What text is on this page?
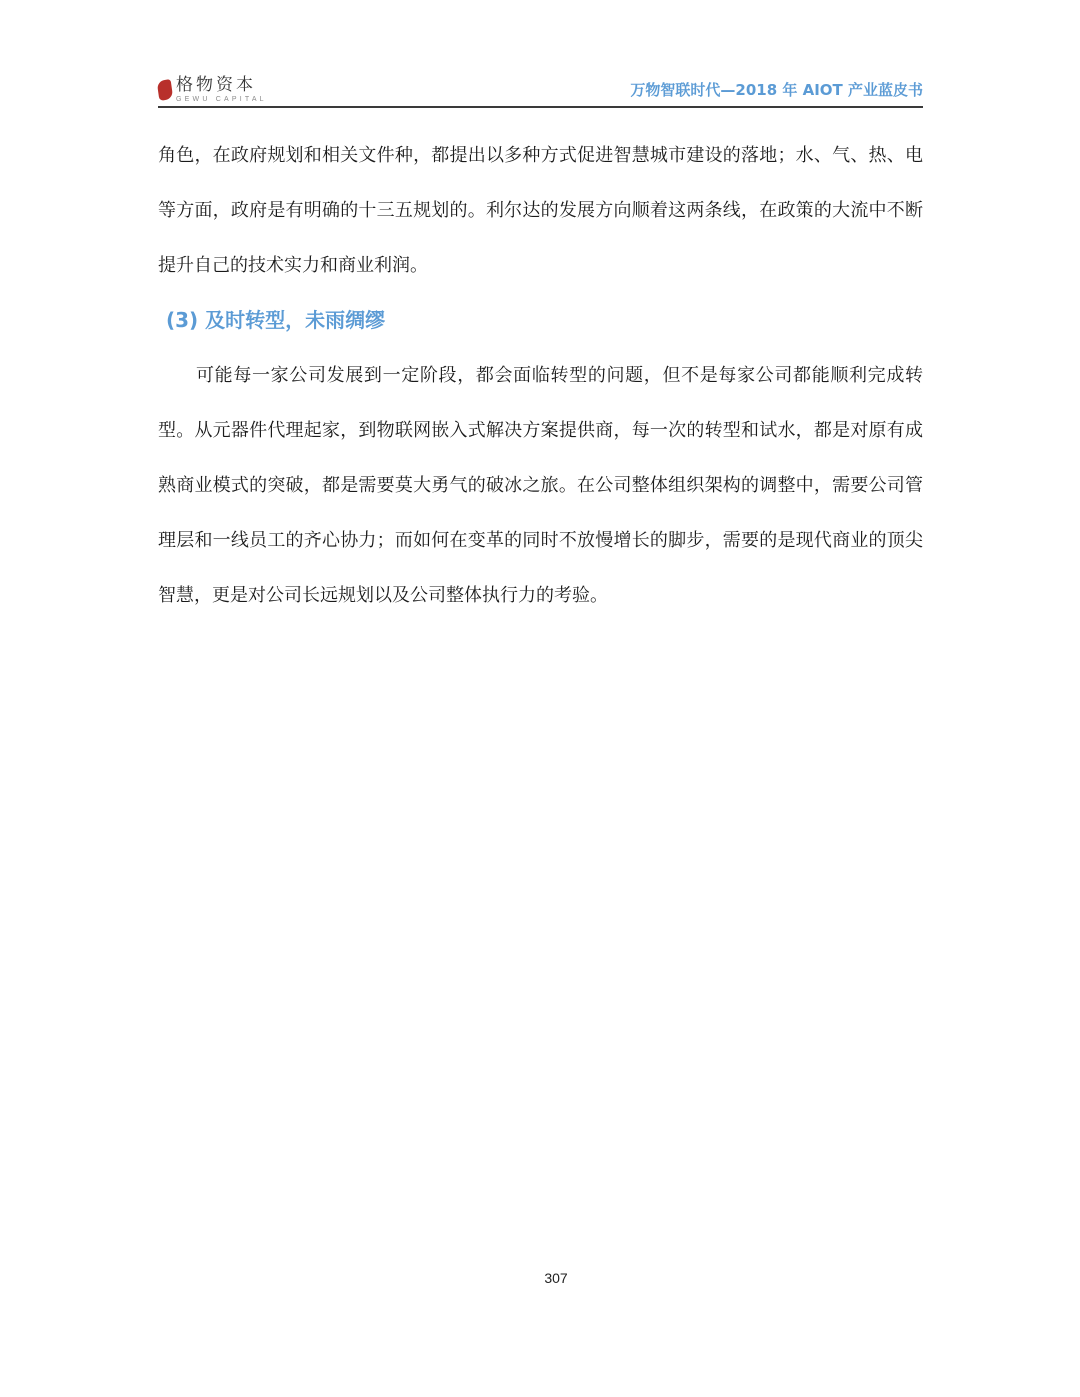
格物资本
GEWU CAPITAL
万物智联时代—2018 年 AIOT 产业蓝皮书

角色，在政府规划和相关文件种，都提出以多种方式促进智慧城市建设的落地；水、气、热、电等方面，政府是有明确的十三五规划的。利尔达的发展方向顺着这两条线，在政策的大流中不断提升自己的技术实力和商业利润。

(3) 及时转型，未雨绸缪

可能每一家公司发展到一定阶段，都会面临转型的问题，但不是每家公司都能顺利完成转型。从元器件代理起家，到物联网嵌入式解决方案提供商，每一次的转型和试水，都是对原有成熟商业模式的突破，都是需要莫大勇气的破冰之旅。在公司整体组织架构的调整中，需要公司管理层和一线员工的齐心协力；而如何在变革的同时不放慢增长的脚步，需要的是现代商业的顶尖智慧，更是对公司长远规划以及公司整体执行力的考验。

307
